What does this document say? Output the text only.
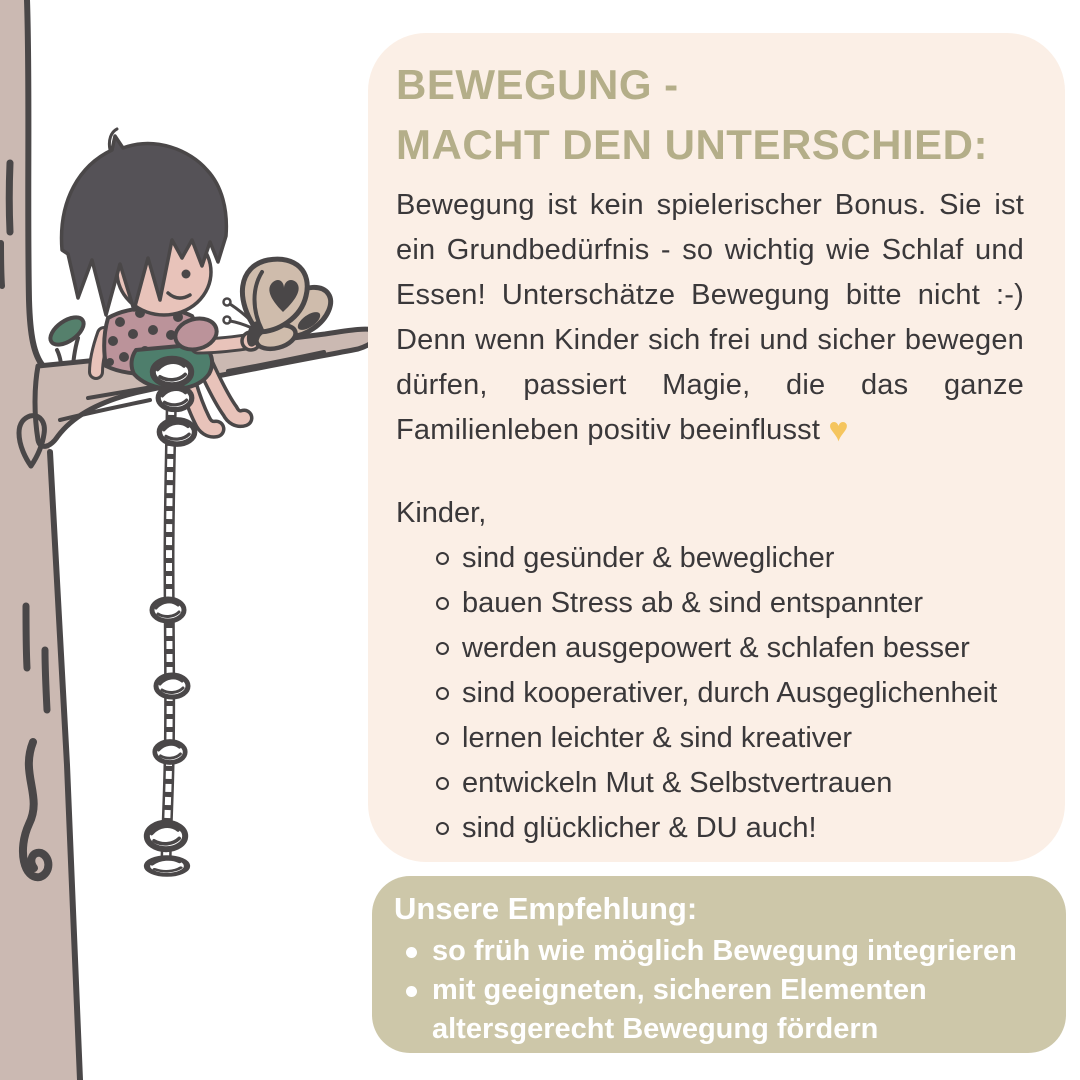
BEWEGUNG -
MACHT DEN UNTERSCHIED:
Bewegung ist kein spielerischer Bonus. Sie ist ein Grundbedürfnis - so wichtig wie Schlaf und Essen! Unterschätze Bewegung bitte nicht :-) Denn wenn Kinder sich frei und sicher bewegen dürfen, passiert Magie, die das ganze Familienleben positiv beeinflusst ♥
Kinder,
sind gesünder & beweglicher
bauen Stress ab & sind entspannter
werden ausgepowert & schlafen besser
sind kooperativer, durch Ausgeglichenheit
lernen leichter & sind kreativer
entwickeln Mut & Selbstvertrauen
sind glücklicher & DU auch!
Unsere Empfehlung:
so früh wie möglich Bewegung integrieren
mit geeigneten, sicheren Elementen altersgerecht Bewegung fördern
